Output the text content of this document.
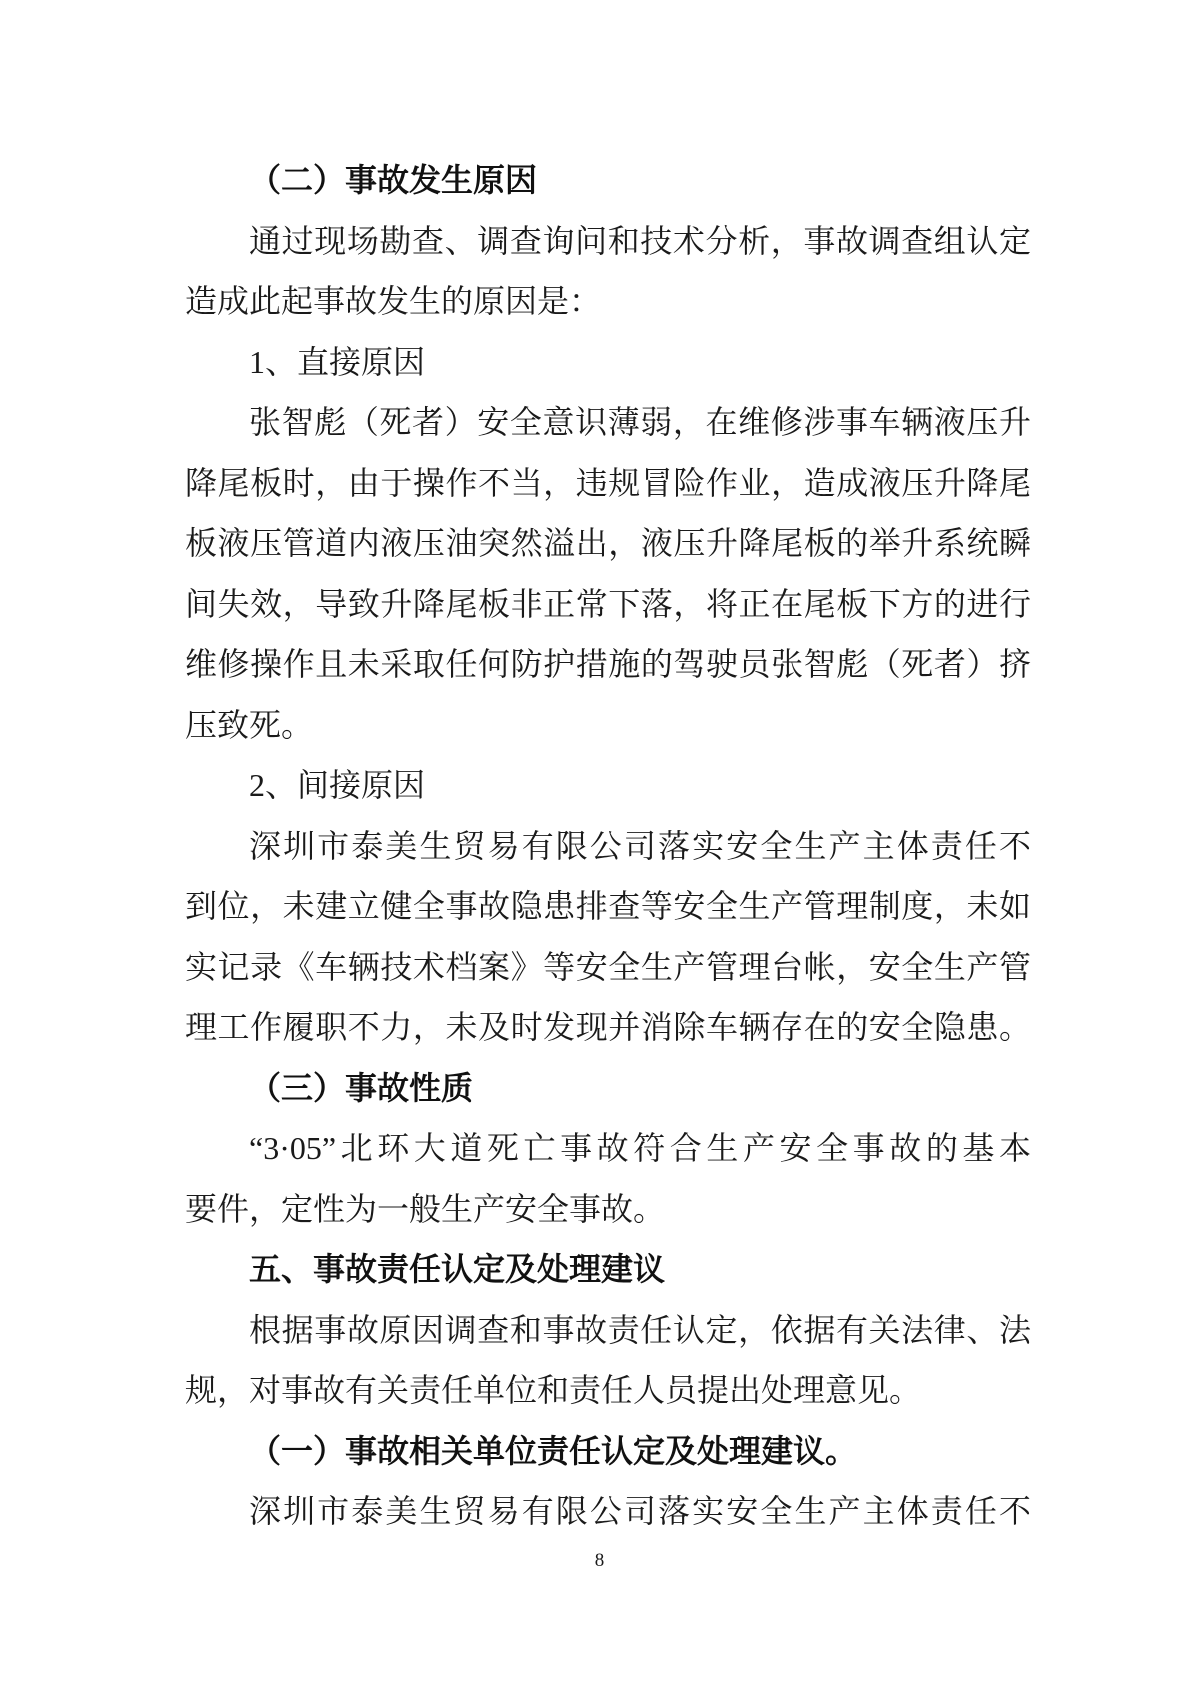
（二）事故发生原因
通过现场勘查、调查询问和技术分析，事故调查组认定
造成此起事故发生的原因是：
1、直接原因
张智彪（死者）安全意识薄弱，在维修涉事车辆液压升
降尾板时，由于操作不当，违规冒险作业，造成液压升降尾
板液压管道内液压油突然溢出，液压升降尾板的举升系统瞬
间失效，导致升降尾板非正常下落，将正在尾板下方的进行
维修操作且未采取任何防护措施的驾驶员张智彪（死者）挤
压致死。
2、间接原因
深圳市泰美生贸易有限公司落实安全生产主体责任不
到位，未建立健全事故隐患排查等安全生产管理制度，未如
实记录《车辆技术档案》等安全生产管理台帐，安全生产管
理工作履职不力，未及时发现并消除车辆存在的安全隐患。
（三）事故性质
“3·05”北环大道死亡事故符合生产安全事故的基本
要件，定性为一般生产安全事故。
五、事故责任认定及处理建议
根据事故原因调查和事故责任认定，依据有关法律、法
规，对事故有关责任单位和责任人员提出处理意见。
（一）事故相关单位责任认定及处理建议。
深圳市泰美生贸易有限公司落实安全生产主体责任不
8
